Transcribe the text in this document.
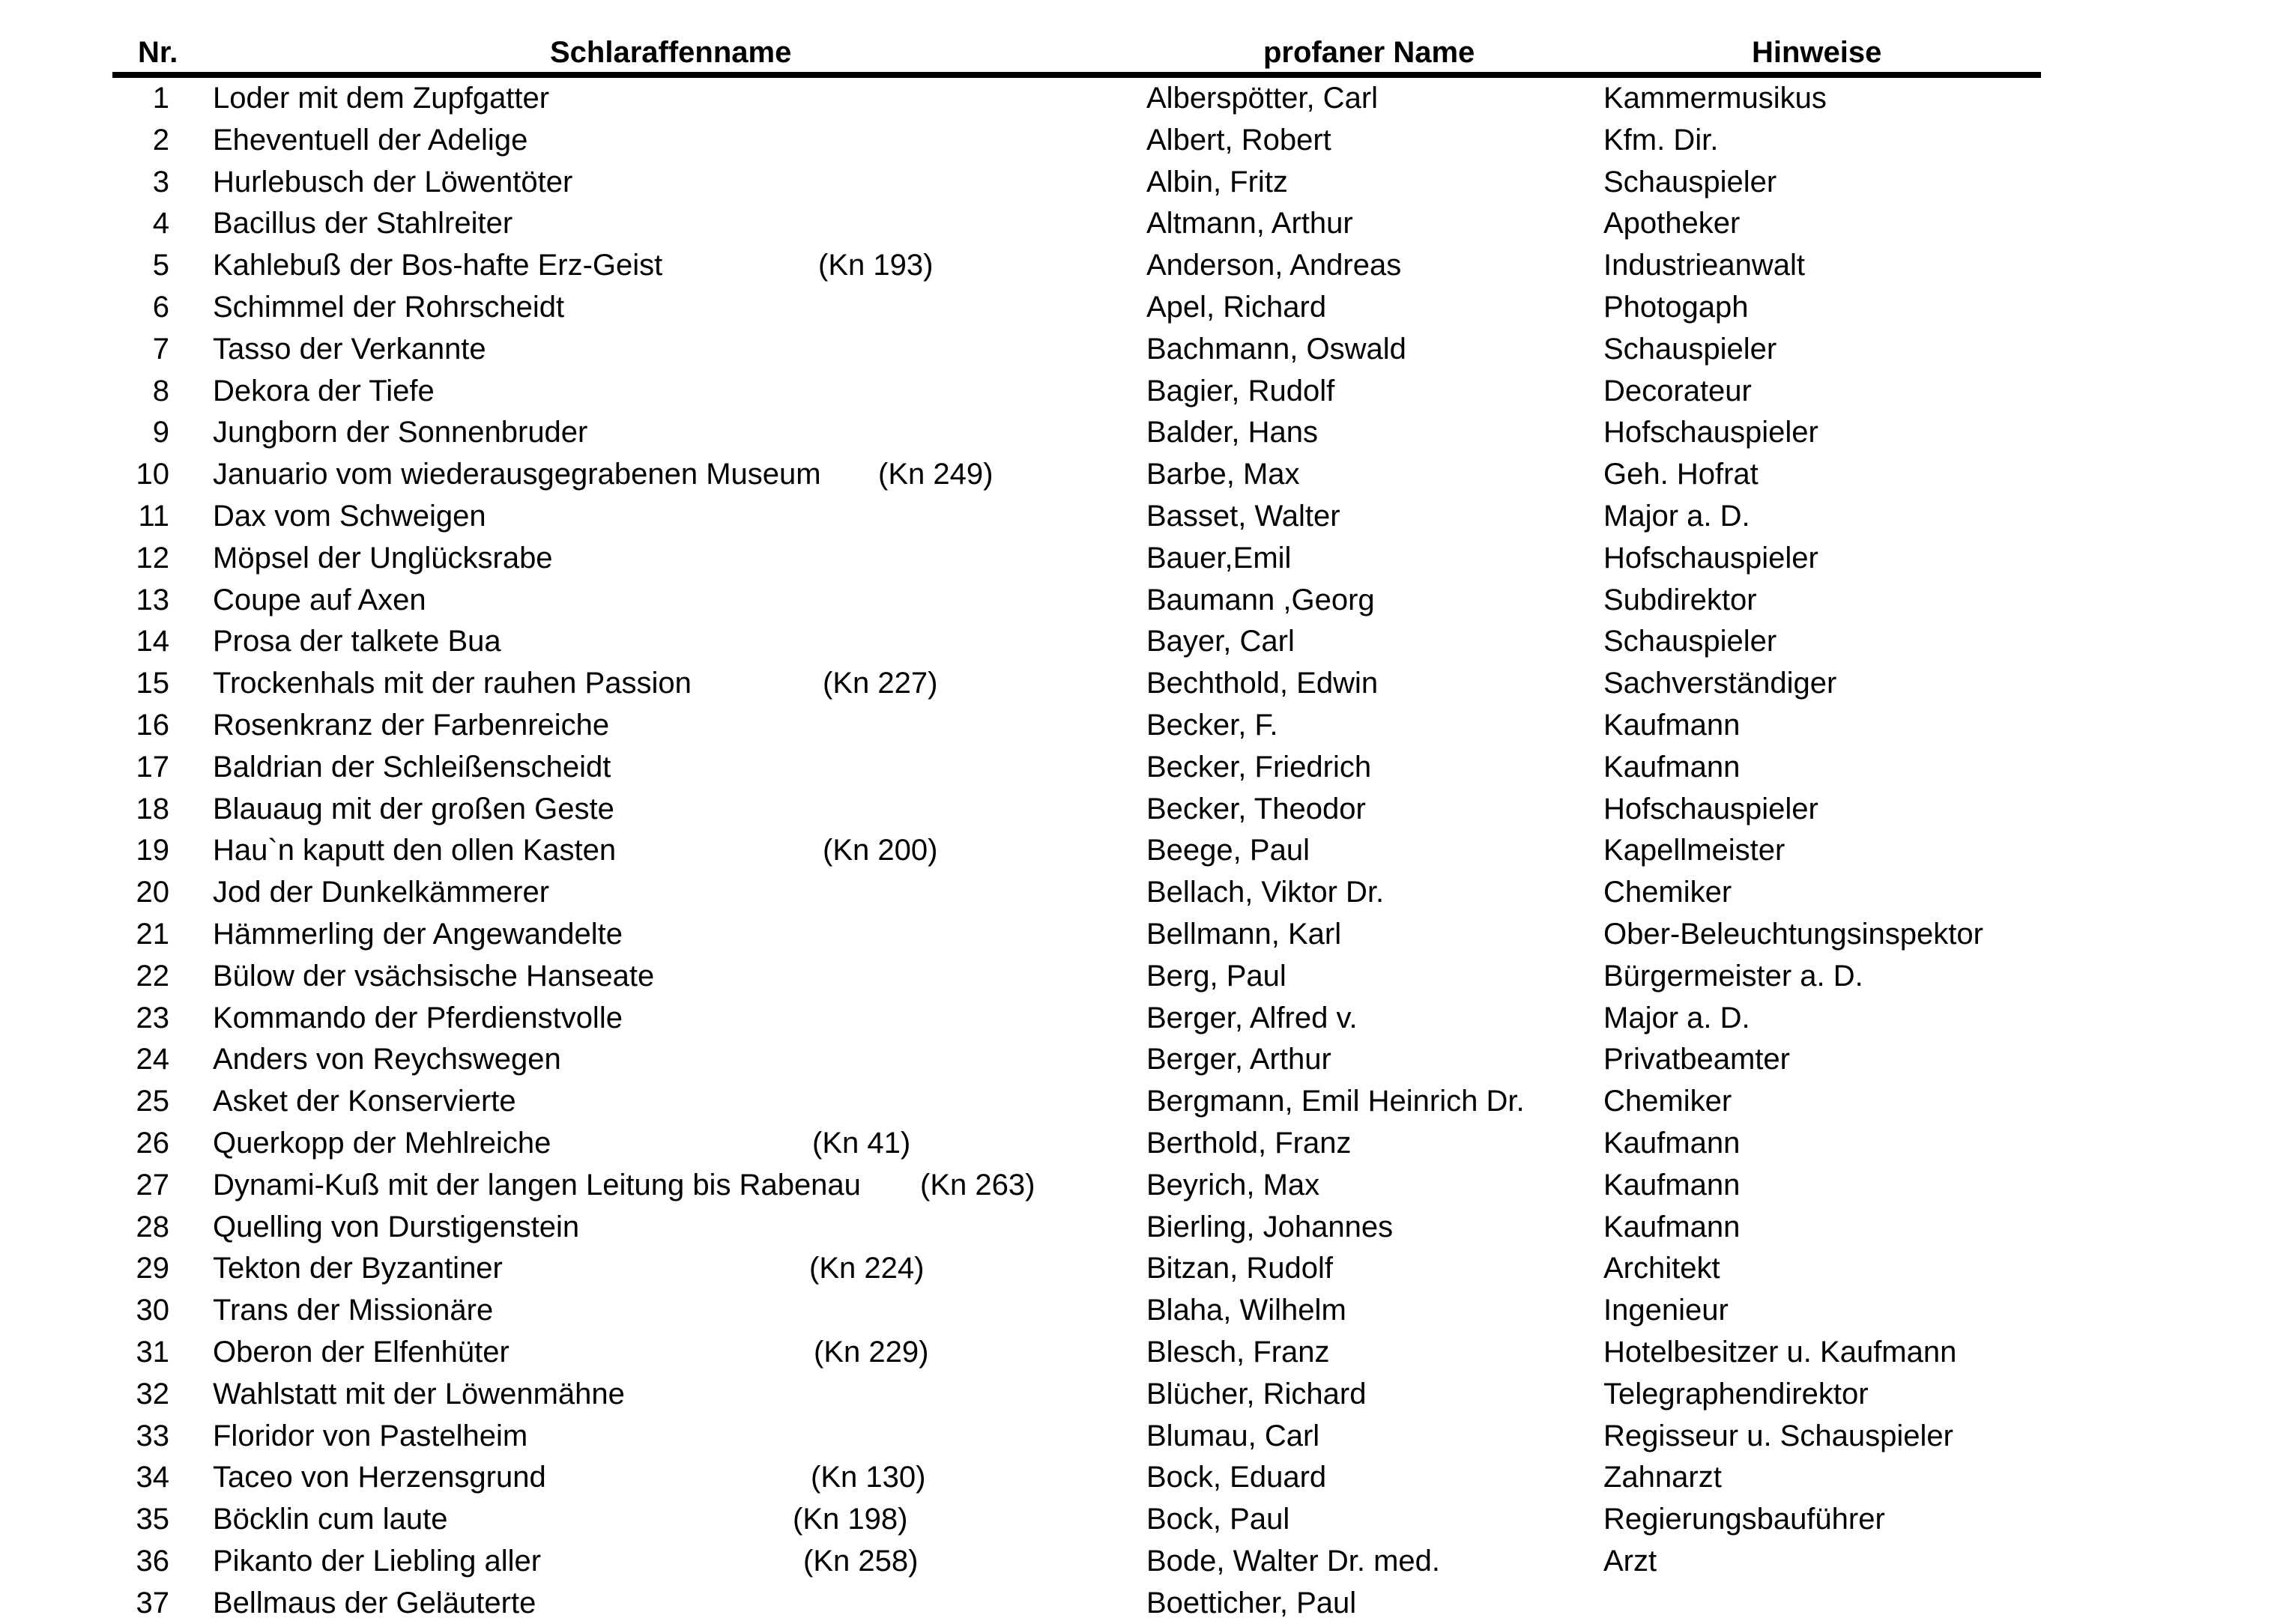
Nr.	Schlaraffenname	profaner Name	Hinweise
1 Loder mit dem Zupfgatter	Alberspötter, Carl	Kammermusikus
2 Eheventuell der Adelige	Albert, Robert	Kfm. Dir.
3 Hurlebusch der Löwentöter	Albin, Fritz	Schauspieler
4 Bacillus der Stahlreiter	Altmann, Arthur	Apotheker
5 Kahlebuß der Bos-hafte Erz-Geist	(Kn 193)	Anderson, Andreas	Industrieanwalt
6 Schimmel der Rohrscheidt	Apel, Richard	Photogaph
7 Tasso der Verkannte	Bachmann, Oswald	Schauspieler
8 Dekora der Tiefe	Bagier, Rudolf	Decorateur
9 Jungborn der Sonnenbruder	Balder, Hans	Hofschauspieler
10 Januario vom wiederausgegrabenen Museum (Kn 249)	Barbe, Max	Geh. Hofrat
11 Dax vom Schweigen	Basset, Walter	Major a. D.
12 Möpsel der Unglücksrabe	Bauer,Emil	Hofschauspieler
13 Coupe auf Axen	Baumann ,Georg	Subdirektor
14 Prosa der talkete Bua	Bayer, Carl	Schauspieler
15 Trockenhals mit der rauhen Passion	(Kn 227)	Bechthold, Edwin	Sachverständiger
16 Rosenkranz der Farbenreiche	Becker, F.	Kaufmann
17 Baldrian der Schleißenscheidt	Becker, Friedrich	Kaufmann
18 Blauaug mit der großen Geste	Becker, Theodor	Hofschauspieler
19 Hau`n kaputt den ollen Kasten	(Kn 200)	Beege, Paul	Kapellmeister
20 Jod der Dunkelkämmerer	Bellach, Viktor Dr.	Chemiker
21 Hämmerling der Angewandelte	Bellmann, Karl	Ober-Beleuchtungsinspektor
22 Bülow der vsächsische Hanseate	Berg, Paul	Bürgermeister a. D.
23 Kommando der Pferdienstvolle	Berger, Alfred v.	Major a. D.
24 Anders von Reychswegen	Berger, Arthur	Privatbeamter
25 Asket der Konservierte	Bergmann, Emil Heinrich Dr.	Chemiker
26 Querkopp der Mehlreiche	(Kn 41)	Berthold, Franz	Kaufmann
27 Dynami-Kuß mit der langen Leitung bis Rabenau (Kn 263)	Beyrich, Max	Kaufmann
28 Quelling von Durstigenstein	Bierling, Johannes	Kaufmann
29 Tekton der Byzantiner	(Kn 224)	Bitzan, Rudolf	Architekt
30 Trans der Missionäre	Blaha, Wilhelm	Ingenieur
31 Oberon der Elfenhüter	(Kn 229)	Blesch, Franz	Hotelbesitzer u. Kaufmann
32 Wahlstatt mit der Löwenmähne	Blücher, Richard	Telegraphendirektor
33 Floridor von Pastelheim	Blumau, Carl	Regisseur u. Schauspieler
34 Taceo von Herzensgrund	(Kn 130)	Bock, Eduard	Zahnarzt
35 Böcklin cum laute	(Kn 198)	Bock, Paul	Regierungsbauführer
36 Pikanto der Liebling aller	(Kn 258)	Bode, Walter Dr. med.	Arzt
37 Bellmaus der Geläuterte	Boetticher, Paul
